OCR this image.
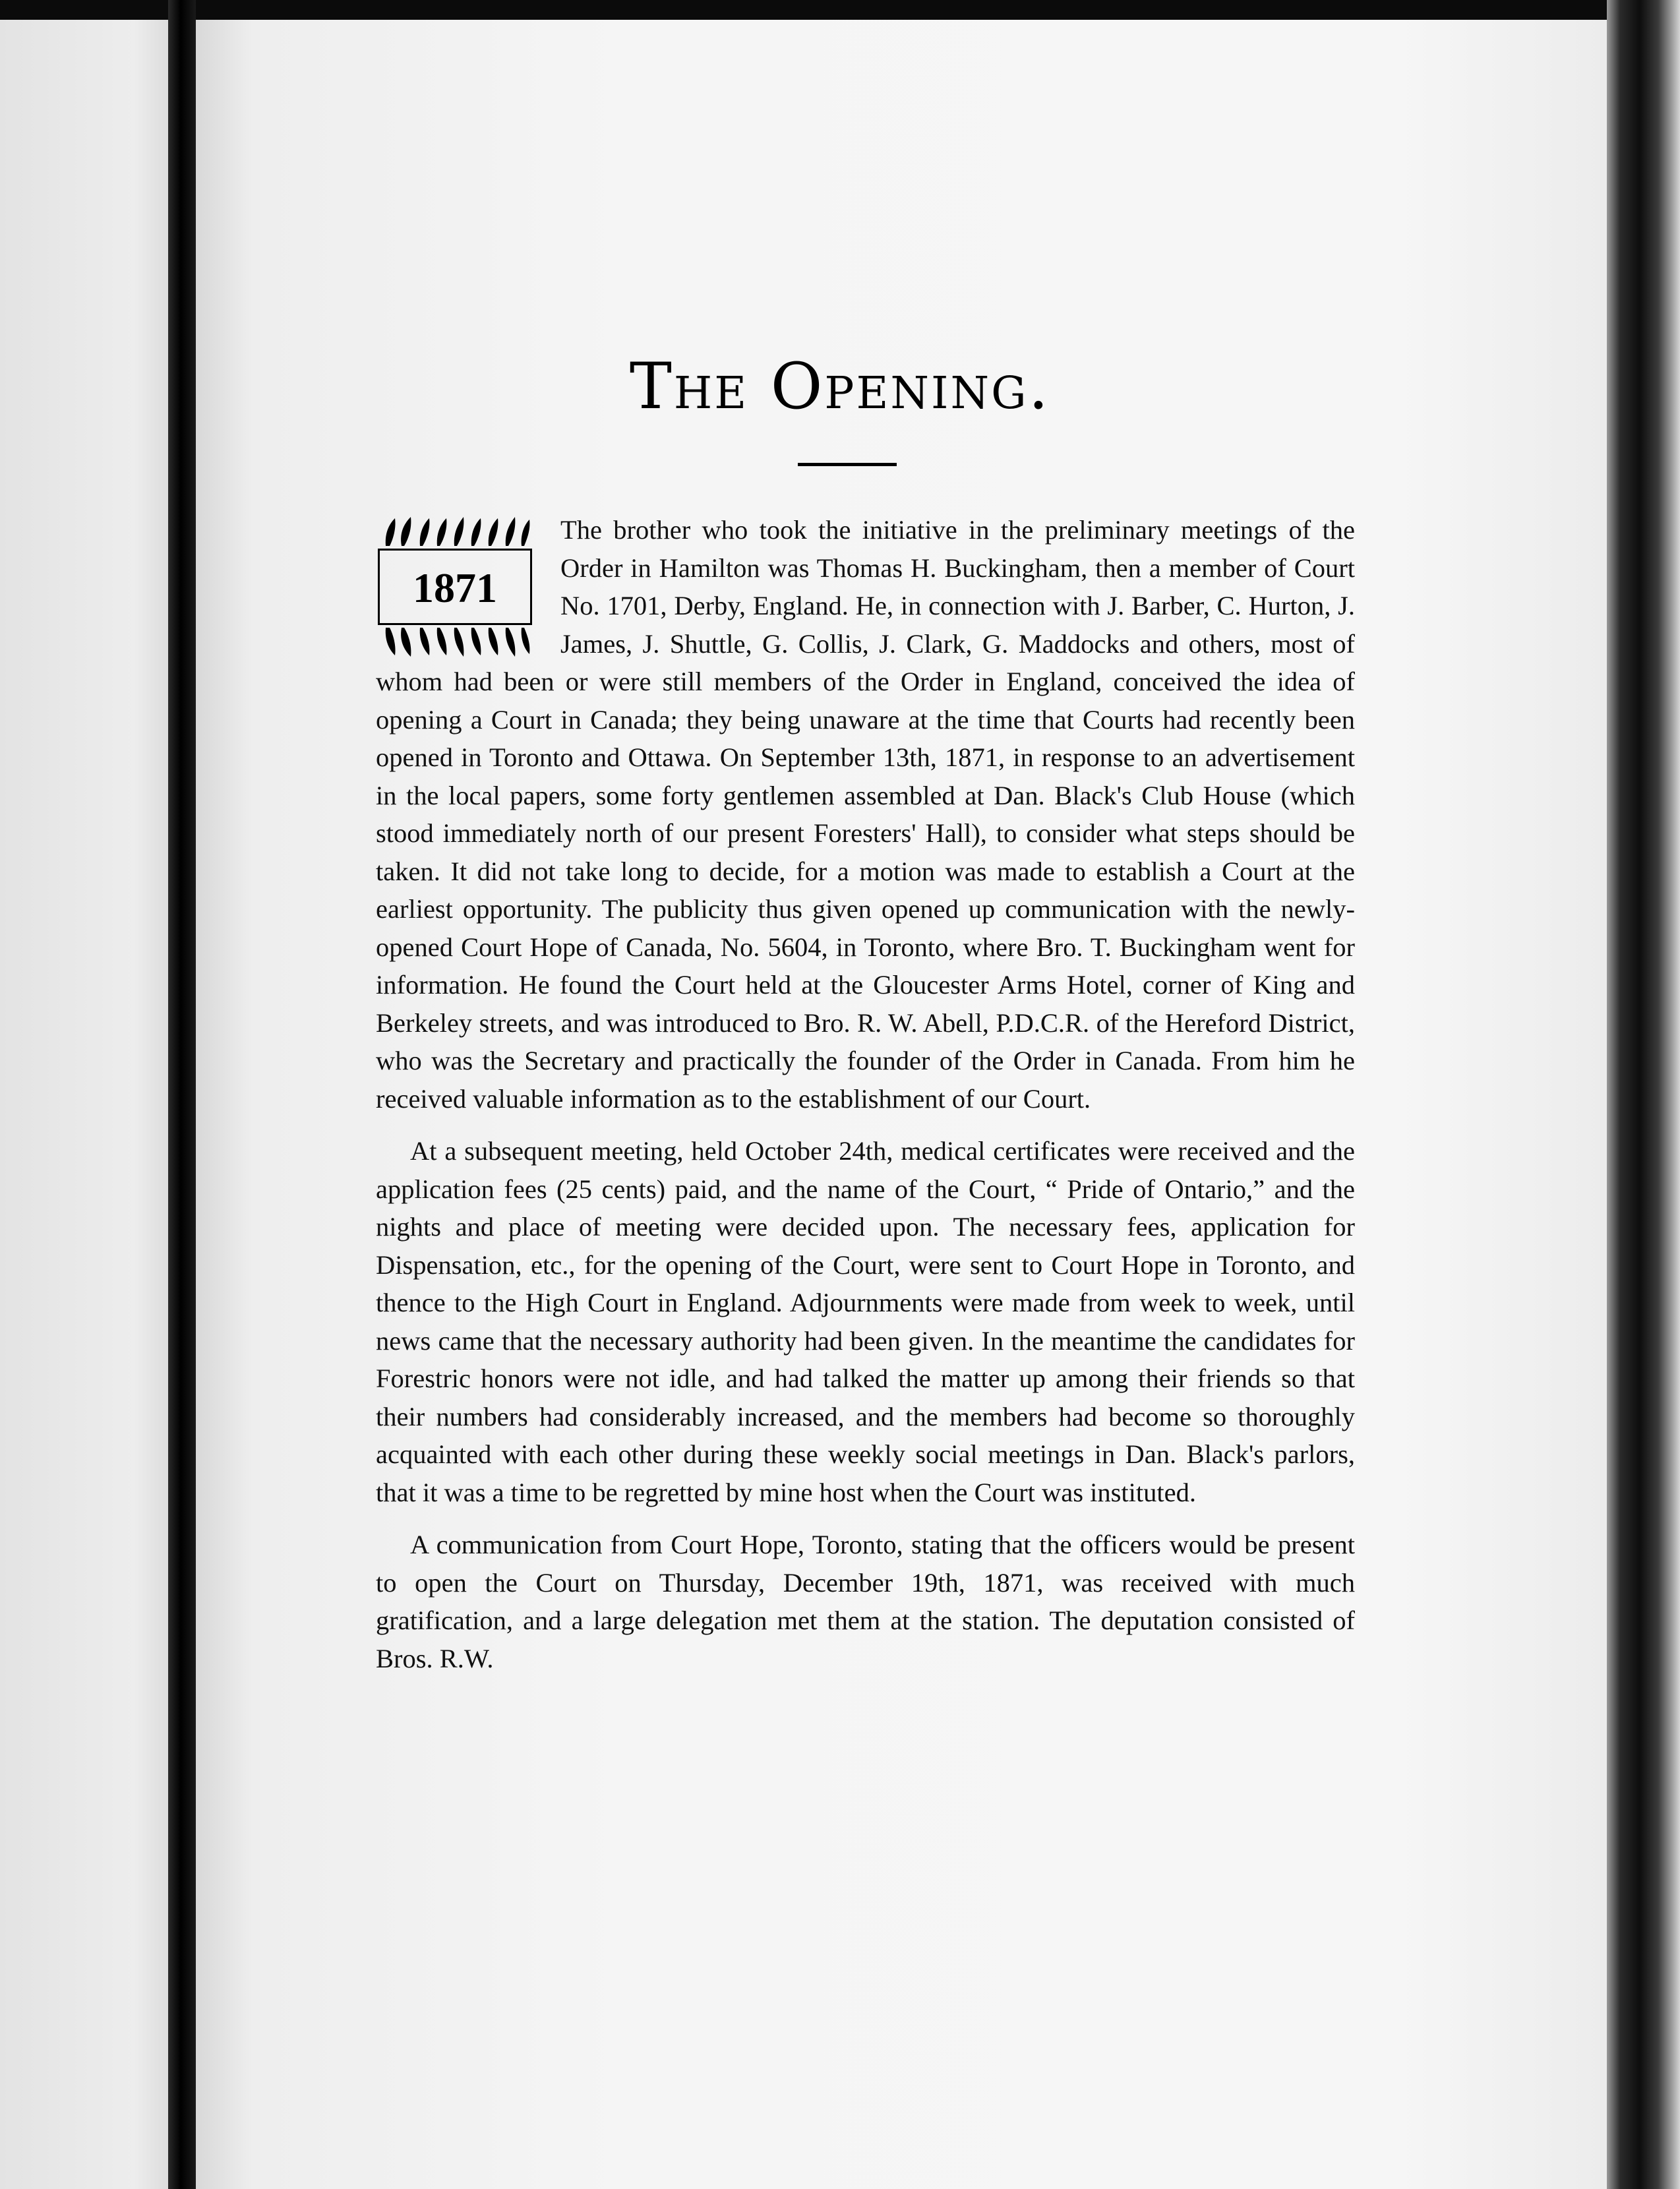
The Opening.
1871

The brother who took the initiative in the preliminary meetings of the Order in Hamilton was Thomas H. Buckingham, then a member of Court No. 1701, Derby, England. He, in connection with J. Barber, C. Hurton, J. James, J. Shuttle, G. Collis, J. Clark, G. Maddocks and others, most of whom had been or were still members of the Order in England, conceived the idea of opening a Court in Canada; they being unaware at the time that Courts had recently been opened in Toronto and Ottawa. On September 13th, 1871, in response to an advertisement in the local papers, some forty gentlemen assembled at Dan. Black's Club House (which stood immediately north of our present Foresters' Hall), to consider what steps should be taken. It did not take long to decide, for a motion was made to establish a Court at the earliest opportunity. The publicity thus given opened up communication with the newly-opened Court Hope of Canada, No. 5604, in Toronto, where Bro. T. Buckingham went for information. He found the Court held at the Gloucester Arms Hotel, corner of King and Berkeley streets, and was introduced to Bro. R. W. Abell, P.D.C.R. of the Hereford District, who was the Secretary and practically the founder of the Order in Canada. From him he received valuable information as to the establishment of our Court.

At a subsequent meeting, held October 24th, medical certificates were received and the application fees (25 cents) paid, and the name of the Court, “ Pride of Ontario,” and the nights and place of meeting were decided upon. The necessary fees, application for Dispensation, etc., for the opening of the Court, were sent to Court Hope in Toronto, and thence to the High Court in England. Adjournments were made from week to week, until news came that the necessary authority had been given. In the meantime the candidates for Forestric honors were not idle, and had talked the matter up among their friends so that their numbers had considerably increased, and the members had become so thoroughly acquainted with each other during these weekly social meetings in Dan. Black's parlors, that it was a time to be regretted by mine host when the Court was instituted.

A communication from Court Hope, Toronto, stating that the officers would be present to open the Court on Thursday, December 19th, 1871, was received with much gratification, and a large delegation met them at the station. The deputation consisted of Bros. R.W.
